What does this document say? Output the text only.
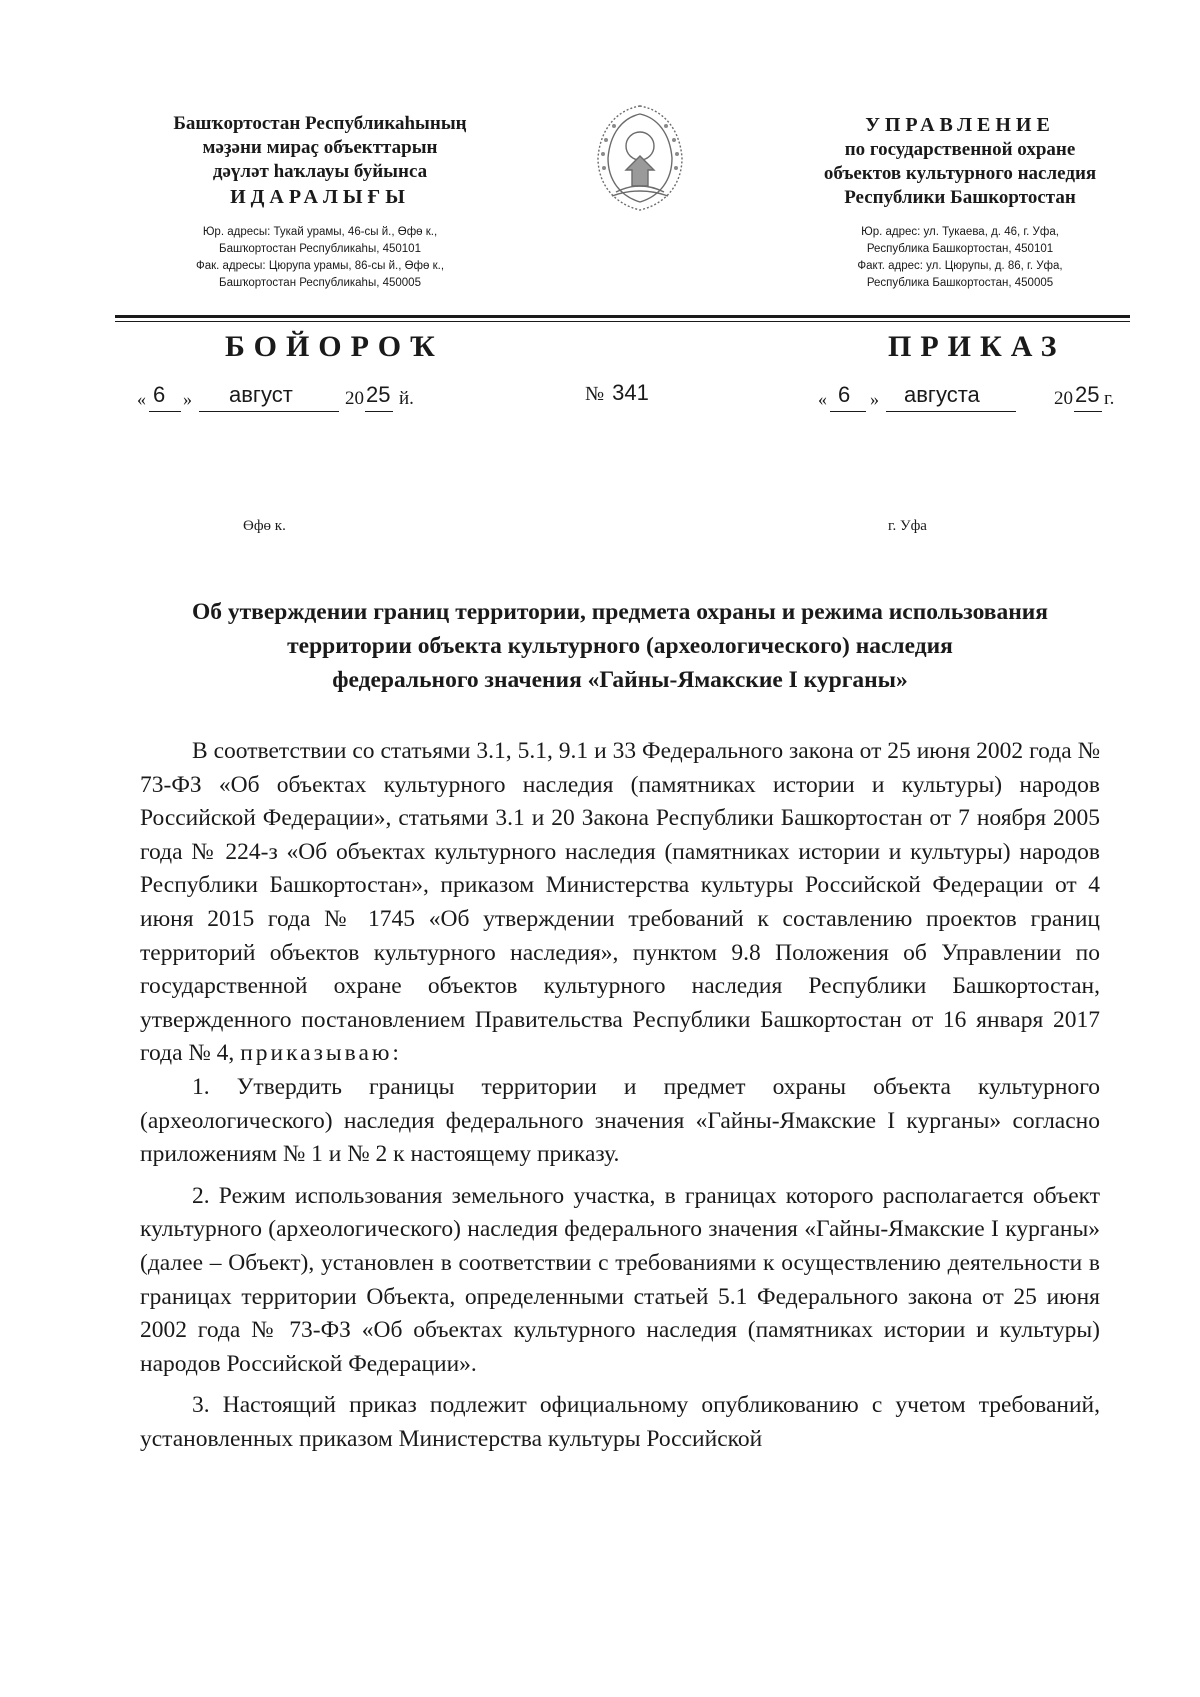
Башҡортостан Республикаһының
мәҙәни мираҫ объекттарын
дәүләт һаҡлауы буйынса
ИДАРАЛЫҒЫ
Юр. адресы: Тукай урамы, 46-сы й., Өфө к.,
Башҡортостан Республикаһы, 450101
Фак. адресы: Цюрупа урамы, 86-сы й., Өфө к.,
Башҡортостан Республикаһы, 450005
УПРАВЛЕНИЕ
по государственной охране
объектов культурного наследия
Республики Башкортостан
Юр. адрес: ул. Тукаева, д. 46, г. Уфа,
Республика Башкортостан, 450101
Факт. адрес: ул. Цюрупы, д. 86, г. Уфа,
Республика Башкортостан, 450005
БОЙОРОҠ	ПРИКАЗ
« 6 » август	20 25 й.	№ 341	« 6 » августа	20 25 г.
Өфө к.	г. Уфа
Об утверждении границ территории, предмета охраны и режима использования
территории объекта культурного (археологического) наследия
федерального значения «Гайны-Ямакские I курганы»

В соответствии со статьями 3.1, 5.1, 9.1 и 33 Федерального закона от 25 июня 2002 года № 73-ФЗ «Об объектах культурного наследия (памятниках истории и культуры) народов Российской Федерации», статьями 3.1 и 20 Закона Республики Башкортостан от 7 ноября 2005 года № 224-з «Об объектах культурного наследия (памятниках истории и культуры) народов Республики Башкортостан», приказом Министерства культуры Российской Федерации от 4 июня 2015 года № 1745 «Об утверждении требований к составлению проектов границ территорий объектов культурного наследия», пунктом 9.8 Положения об Управлении по государственной охране объектов культурного наследия Республики Башкортостан, утвержденного постановлением Правительства Республики Башкортостан от 16 января 2017 года № 4, приказываю:

1. Утвердить границы территории и предмет охраны объекта культурного (археологического) наследия федерального значения «Гайны-Ямакские I курганы» согласно приложениям № 1 и № 2 к настоящему приказу.

2. Режим использования земельного участка, в границах которого располагается объект культурного (археологического) наследия федерального значения «Гайны-Ямакские I курганы» (далее – Объект), установлен в соответствии с требованиями к осуществлению деятельности в границах территории Объекта, определенными статьей 5.1 Федерального закона от 25 июня 2002 года № 73-ФЗ «Об объектах культурного наследия (памятниках истории и культуры) народов Российской Федерации».

3. Настоящий приказ подлежит официальному опубликованию с учетом требований, установленных приказом Министерства культуры Российской
